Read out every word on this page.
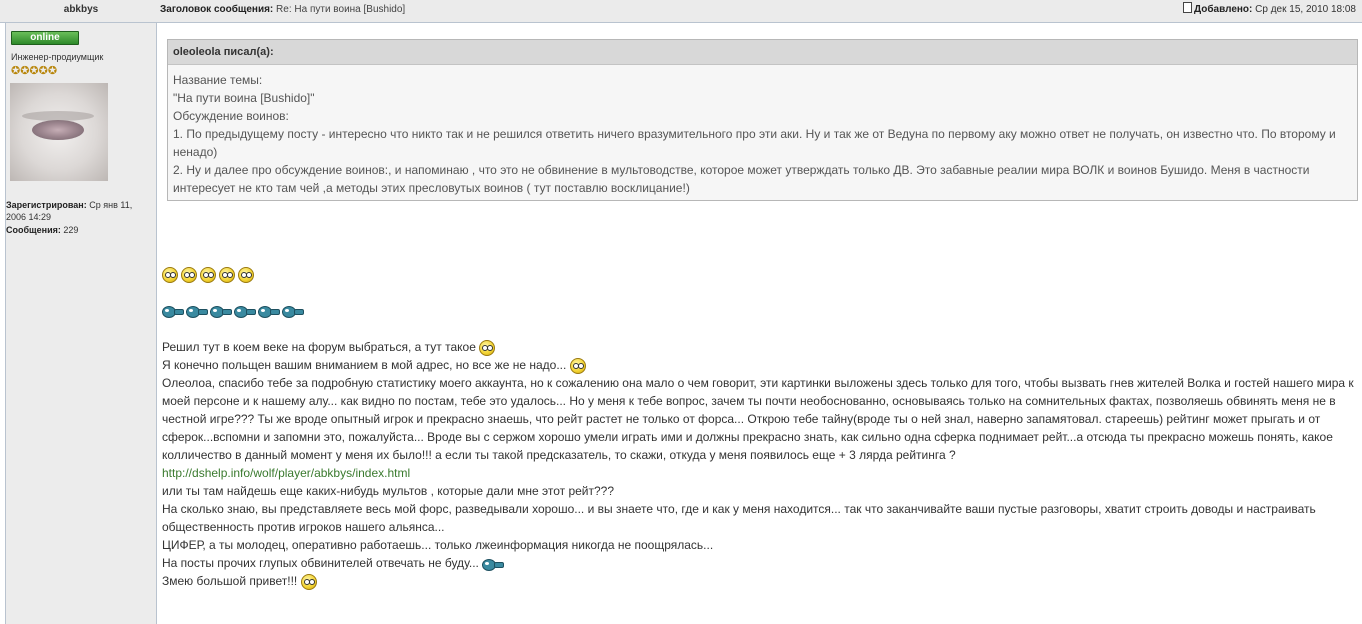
abkbys	Заголовок сообщения: Re: На пути воина [Bushido]	Добавлено: Ср дек 15, 2010 18:08
online
Инженер-продиумщик
✪✪✪✪✪
Зарегистрирован: Ср янв 11, 2006 14:29
Сообщения: 229
oleoleola писал(а):
Название темы:
"На пути воина [Bushido]"
Обсуждение воинов:
1. По предыдущему посту - интересно что никто так и не решился ответить ничего вразумительного про эти аки. Ну и так же от Ведуна по первому аку можно ответ не получать, он известно что. По второму и ненадо)
2. Ну и далее про обсуждение воинов:, и напоминаю , что это не обвинение в мультоводстве, которое может утверждать только ДВ. Это забавные реалии мира ВОЛК и воинов Бушидо. Меня в частности интересует не кто там чей ,а методы этих пресловутых воинов ( тут поставлю восклицание!)
Решил тут в коем веке на форум выбраться, а тут такое
Я конечно польщен вашим вниманием в мой адрес, но все же не надо...
Олеолоа, спасибо тебе за подробную статистику моего аккаунта, но к сожалению она мало о чем говорит, эти картинки выложены здесь только для того, чтобы вызвать гнев жителей Волка и гостей нашего мира к моей персоне и к нашему алу... как видно по постам, тебе это удалось... Но у меня к тебе вопрос, зачем ты почти необоснованно, основываясь только на сомнительных фактах, позволяешь обвинять меня не в честной игре??? Ты же вроде опытный игрок и прекрасно знаешь, что рейт растет не только от форса... Открою тебе тайну(вроде ты о ней знал, наверно запамятовал. стареешь) рейтинг может прыгать и от сферок...вспомни и запомни это, пожалуйста... Вроде вы с сержом хорошо умели играть ими и должны прекрасно знать, как сильно одна сферка поднимает рейт...а отсюда ты прекрасно можешь понять, какое колличество в данный момент у меня их было!!! а если ты такой предсказатель, то скажи, откуда у меня появилось еще + 3 лярда рейтинга ?
http://dshelp.info/wolf/player/abkbys/index.html
или ты там найдешь еще каких-нибудь мультов , которые дали мне этот рейт???
На сколько знаю, вы представляете весь мой форс, разведывали хорошо... и вы знаете что, где и как у меня находится... так что заканчивайте ваши пустые разговоры, хватит строить доводы и настраивать общественность против игроков нашего альянса...
ЦИФЕР, а ты молодец, оперативно работаешь... только лжеинформация никогда не поощрялась...
На посты прочих глупых обвинителей отвечать не буду...
Змею большой привет!!!
